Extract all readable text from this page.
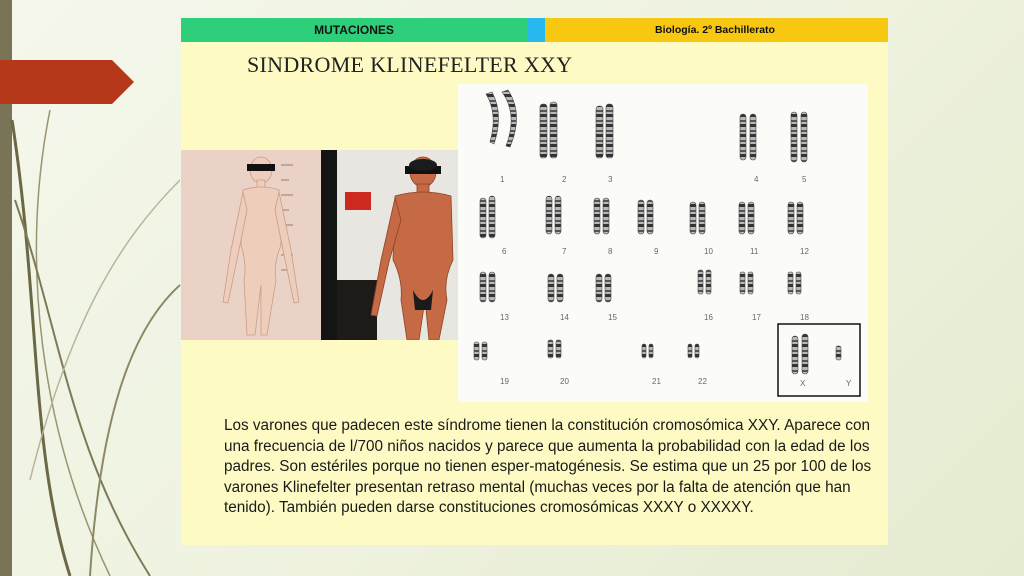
MUTACIONES	Biología. 2º Bachillerato
SINDROME KLINEFELTER XXY
1	2	3	4	5
6	7	8	9	10	11	12
13	14	15	16	17	18
19	20	21	22	X	Y

Los varones que padecen este síndrome tienen la constitución cromosómica XXY. Aparece con una frecuencia de l/700 niños nacidos y parece que aumenta la probabilidad con la edad de los padres. Son estériles porque no tienen esper-matogénesis. Se estima que un 25 por 100 de los varones Klinefelter presentan retraso mental (muchas veces por la falta de atención que han tenido). También pueden darse constituciones cromosómicas XXXY o XXXXY.
